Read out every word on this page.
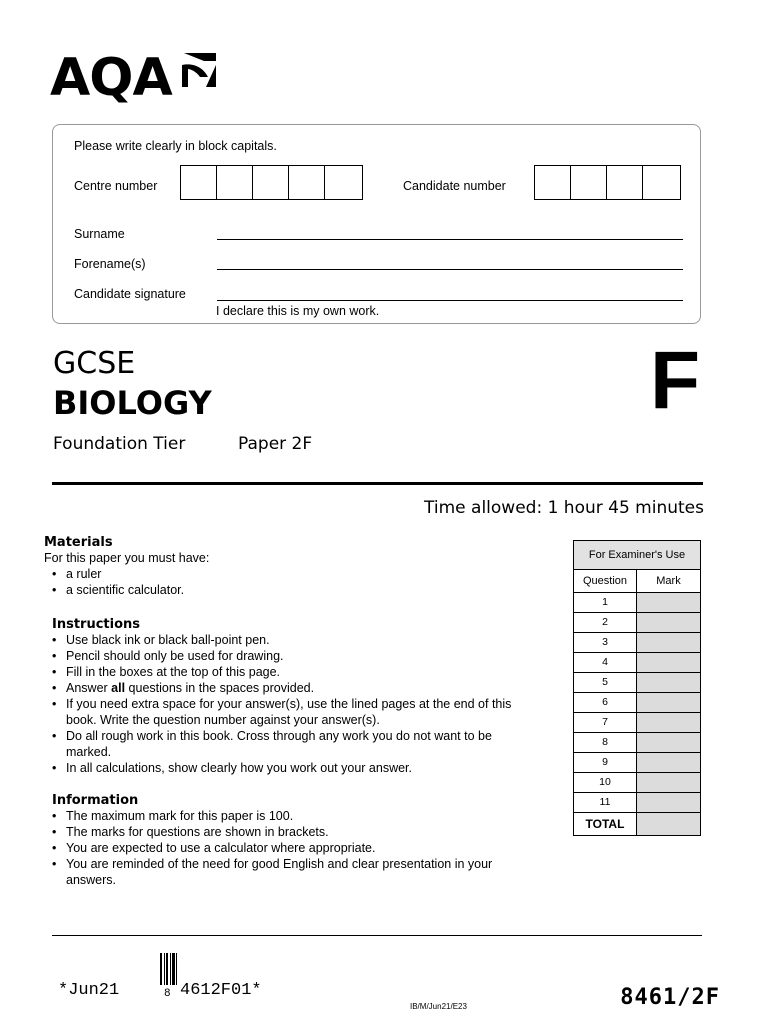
AQA
Please write clearly in block capitals.
Centre number	Candidate number
Surname
Forename(s)
Candidate signature
I declare this is my own work.
GCSE
BIOLOGY
Foundation Tier	Paper 2F
F
Time allowed: 1 hour 45 minutes
Materials
For this paper you must have:
• a ruler
• a scientific calculator.
Instructions
• Use black ink or black ball-point pen.
• Pencil should only be used for drawing.
• Fill in the boxes at the top of this page.
• Answer all questions in the spaces provided.
• If you need extra space for your answer(s), use the lined pages at the end of this book. Write the question number against your answer(s).
• Do all rough work in this book. Cross through any work you do not want to be marked.
• In all calculations, show clearly how you work out your answer.
Information
• The maximum mark for this paper is 100.
• The marks for questions are shown in brackets.
• You are expected to use a calculator where appropriate.
• You are reminded of the need for good English and clear presentation in your answers.
For Examiner's Use
Question	Mark
1
2
3
4
5
6
7
8
9
10
11
TOTAL
*Jun21	8 4612F01*
IB/M/Jun21/E23	8461/2F
